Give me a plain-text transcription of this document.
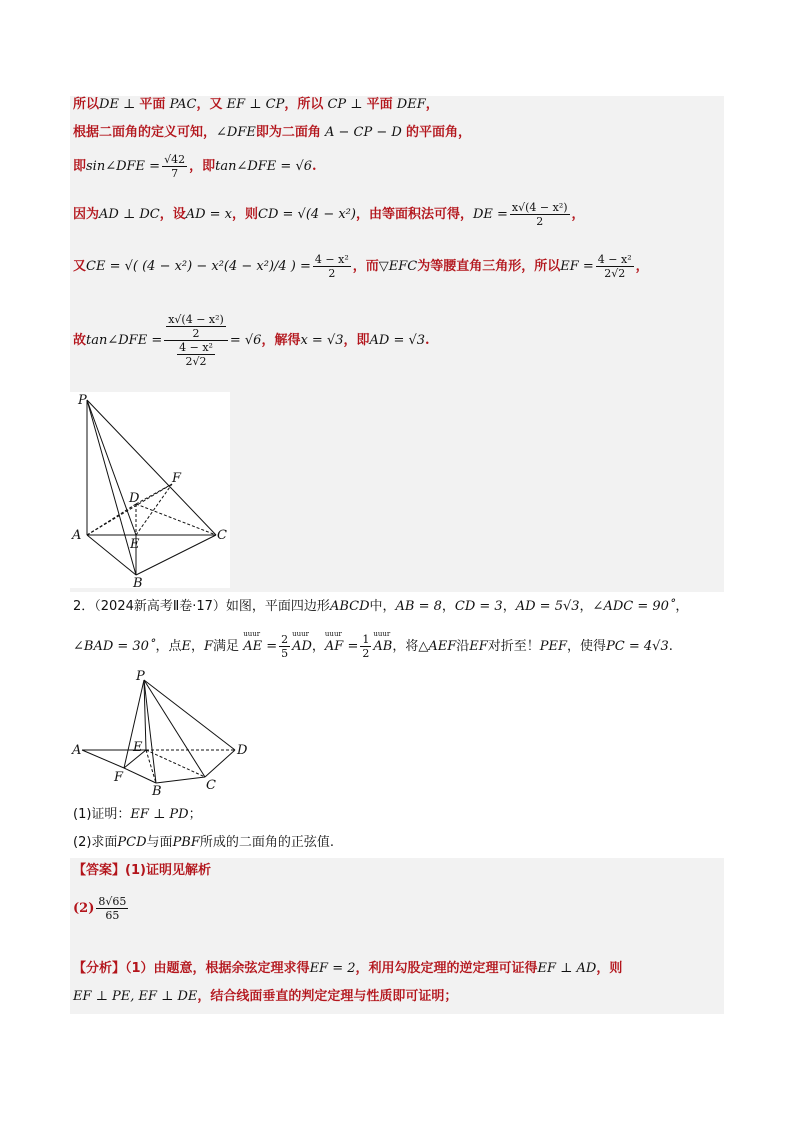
所以DE ⊥ 平面 PAC，又 EF ⊥ CP，所以 CP ⊥ 平面 DEF，
根据二面角的定义可知，∠DFE即为二面角 A − CP − D 的平面角，
即sin∠DFE = $\frac{√42}{7}$ ，即tan∠DFE = √6.
因为AD ⊥ DC，设AD = x，则CD = √(4 − x²)，由等面积法可得，DE = $\frac{\text{x√(4 − x²)}}{2}$ ，
又CE = √( (4 − x²) − x²(4 − x²)/4 ) = $\frac{\text{4 − x²}}{2}$ ，而▽EFC为等腰直角三角形，所以EF = $\frac{\text{4 − x²}}{2√2}$ ，
故tan∠DFE = $\frac{\frac{\text{x√(4 − x²)}}{2}}{\frac{\text{4 − x²}}{2√2}} = √6$，解得x = √3，即AD = √3.
P
F
D
A
E
C
B
2．（2024新高考Ⅱ卷·17）如图，平面四边形ABCD中，AB = 8，CD = 3，AD = 5√3，∠ADC = 90˚，
∠BAD = 30˚，点E，F满足
uuur
AE = $\frac{2}{5}$ uuur
AD，
uuur
AF = $\frac{1}{2}$ uuur
AB，将△AEF沿EF对折至！PEF，使得PC = 4√3.
P
A	E	D
F
B	C
(1)证明：EF ⊥ PD；
(2)求面PCD与面PBF所成的二面角的正弦值.
【答案】(1)证明见解析
$(2) \frac{8√65}{65}$
【分析】（1）由题意，根据余弦定理求得EF = 2，利用勾股定理的逆定理可证得EF ⊥ AD，则
EF ⊥ PE, EF ⊥ DE，结合线面垂直的判定定理与性质即可证明；
